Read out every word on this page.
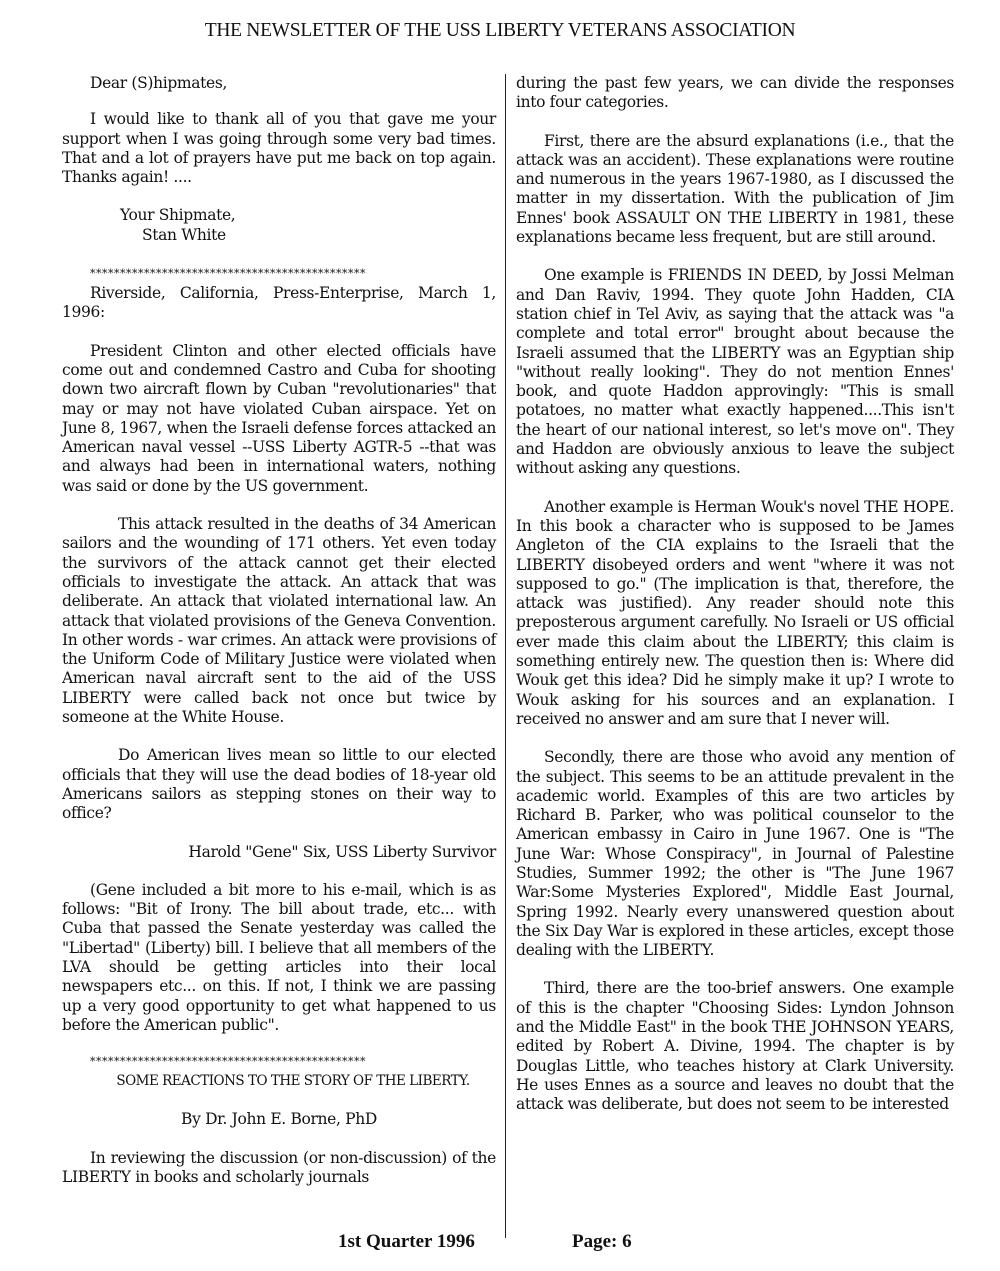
THE NEWSLETTER OF THE USS LIBERTY VETERANS ASSOCIATION

Dear (S)hipmates,

I would like to thank all of you that gave me your support when I was going through some very bad times. That and a lot of prayers have put me back on top again. Thanks again! ....

Your Shipmate,
Stan White
**********************************************

Riverside, California, Press-Enterprise, March 1, 1996:

President Clinton and other elected officials have come out and condemned Castro and Cuba for shooting down two aircraft flown by Cuban "revolutionaries" that may or may not have violated Cuban airspace. Yet on June 8, 1967, when the Israeli defense forces attacked an American naval vessel --USS Liberty AGTR-5 --that was and always had been in international waters, nothing was said or done by the US government.

This attack resulted in the deaths of 34 American sailors and the wounding of 171 others. Yet even today the survivors of the attack cannot get their elected officials to investigate the attack. An attack that was deliberate. An attack that violated international law. An attack that violated provisions of the Geneva Convention. In other words - war crimes. An attack were provisions of the Uniform Code of Military Justice were violated when American naval aircraft sent to the aid of the USS LIBERTY were called back not once but twice by someone at the White House.

Do American lives mean so little to our elected officials that they will use the dead bodies of 18-year old Americans sailors as stepping stones on their way to office?

Harold "Gene" Six, USS Liberty Survivor

(Gene included a bit more to his e-mail, which is as follows: "Bit of Irony. The bill about trade, etc... with Cuba that passed the Senate yesterday was called the "Libertad" (Liberty) bill. I believe that all members of the LVA should be getting articles into their local newspapers etc... on this. If not, I think we are passing up a very good opportunity to get what happened to us before the American public".

**********************************************

SOME REACTIONS TO THE STORY OF THE LIBERTY.

By Dr. John E. Borne, PhD

In reviewing the discussion (or non-discussion) of the LIBERTY in books and scholarly journals

during the past few years, we can divide the responses into four categories.

First, there are the absurd explanations (i.e., that the attack was an accident). These explanations were routine and numerous in the years 1967-1980, as I discussed the matter in my dissertation. With the publication of Jim Ennes' book ASSAULT ON THE LIBERTY in 1981, these explanations became less frequent, but are still around.

One example is FRIENDS IN DEED, by Jossi Melman and Dan Raviv, 1994. They quote John Hadden, CIA station chief in Tel Aviv, as saying that the attack was "a complete and total error" brought about because the Israeli assumed that the LIBERTY was an Egyptian ship "without really looking". They do not mention Ennes' book, and quote Haddon approvingly: "This is small potatoes, no matter what exactly happened....This isn't the heart of our national interest, so let's move on". They and Haddon are obviously anxious to leave the subject without asking any questions.

Another example is Herman Wouk's novel THE HOPE. In this book a character who is supposed to be James Angleton of the CIA explains to the Israeli that the LIBERTY disobeyed orders and went "where it was not supposed to go." (The implication is that, therefore, the attack was justified). Any reader should note this preposterous argument carefully. No Israeli or US official ever made this claim about the LIBERTY; this claim is something entirely new. The question then is: Where did Wouk get this idea? Did he simply make it up? I wrote to Wouk asking for his sources and an explanation. I received no answer and am sure that I never will.

Secondly, there are those who avoid any mention of the subject. This seems to be an attitude prevalent in the academic world. Examples of this are two articles by Richard B. Parker, who was political counselor to the American embassy in Cairo in June 1967. One is "The June War: Whose Conspiracy", in Journal of Palestine Studies, Summer 1992; the other is "The June 1967 War:Some Mysteries Explored", Middle East Journal, Spring 1992. Nearly every unanswered question about the Six Day War is explored in these articles, except those dealing with the LIBERTY.

Third, there are the too-brief answers. One example of this is the chapter "Choosing Sides: Lyndon Johnson and the Middle East" in the book THE JOHNSON YEARS, edited by Robert A. Divine, 1994. The chapter is by Douglas Little, who teaches history at Clark University. He uses Ennes as a source and leaves no doubt that the attack was deliberate, but does not seem to be interested

1st Quarter 1996	Page: 6
